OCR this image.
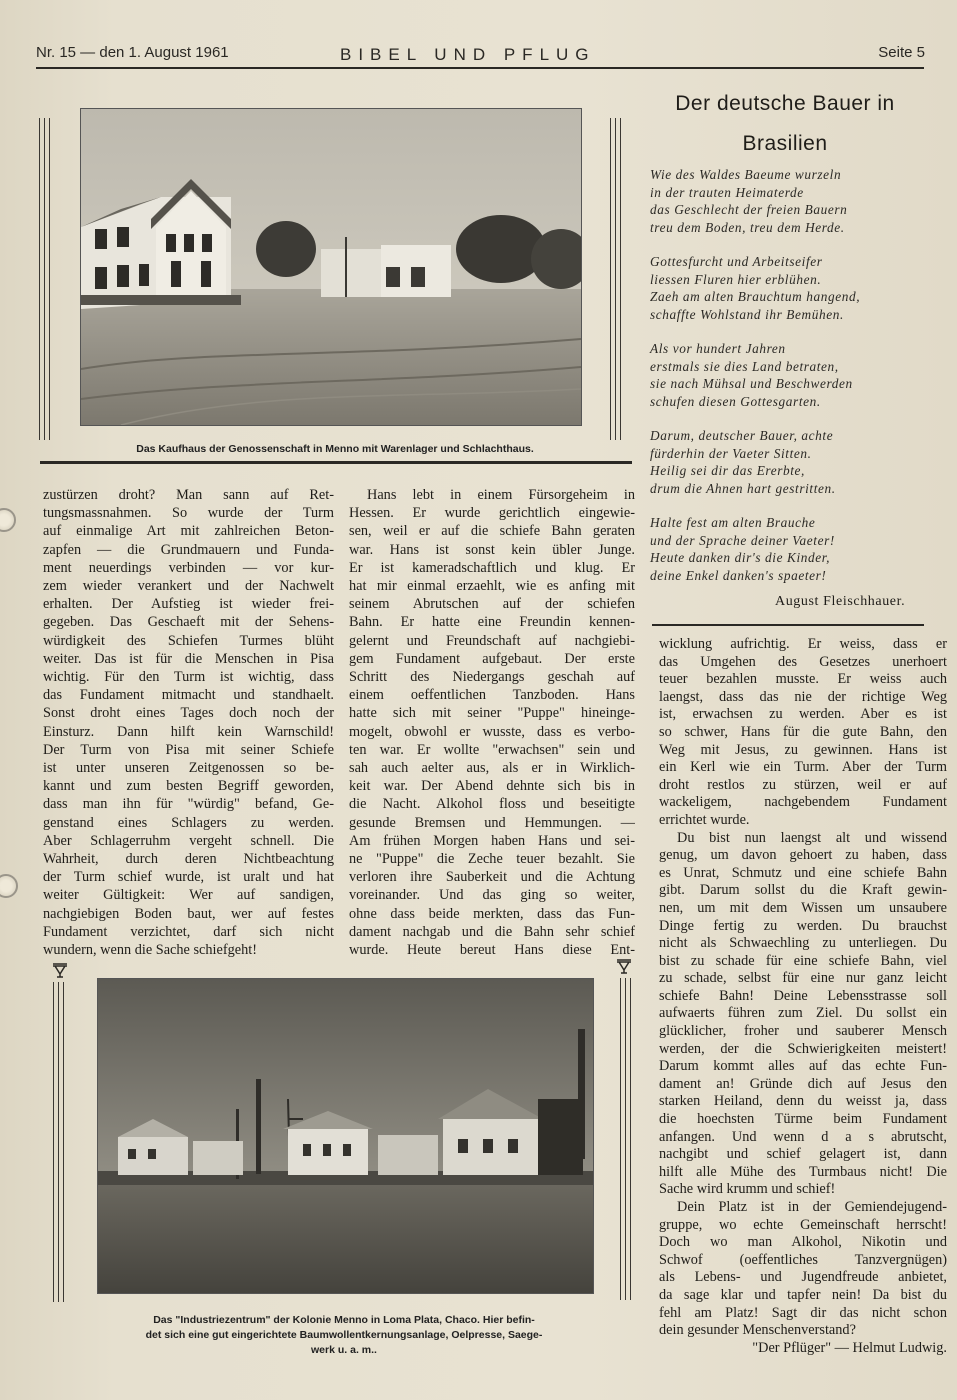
Nr. 15 — den 1. August 1961	BIBEL UND PFLUG	Seite 5
Das Kaufhaus der Genossenschaft in Menno mit Warenlager und Schlachthaus.
zustürzen droht? Man sann auf Ret-
tungsmassnahmen. So wurde der Turm
auf einmalige Art mit zahlreichen Beton-
zapfen — die Grundmauern und Funda-
ment neuerdings verbinden — vor kur-
zem wieder verankert und der Nachwelt
erhalten. Der Aufstieg ist wieder frei-
gegeben. Das Geschaeft mit der Sehens-
würdigkeit des Schiefen Turmes blüht
weiter. Das ist für die Menschen in Pisa
wichtig. Für den Turm ist wichtig, dass
das Fundament mitmacht und standhaelt.
Sonst droht eines Tages doch noch der
Einsturz. Dann hilft kein Warnschild!
Der Turm von Pisa mit seiner Schiefe
ist unter unseren Zeitgenossen so be-
kannt und zum besten Begriff geworden,
dass man ihn für "würdig" befand, Ge-
genstand eines Schlagers zu werden.
Aber Schlagerruhm vergeht schnell. Die
Wahrheit, durch deren Nichtbeachtung
der Turm schief wurde, ist uralt und hat
weiter Gültigkeit: Wer auf sandigen,
nachgiebigen Boden baut, wer auf festes
Fundament verzichtet, darf sich nicht
wundern, wenn die Sache schiefgeht!
Hans lebt in einem Fürsorgeheim in
Hessen. Er wurde gerichtlich eingewie-
sen, weil er auf die schiefe Bahn geraten
war. Hans ist sonst kein übler Junge.
Er ist kameradschaftlich und klug. Er
hat mir einmal erzaehlt, wie es anfing mit
seinem Abrutschen auf der schiefen
Bahn. Er hatte eine Freundin kennen-
gelernt und Freundschaft auf nachgiebi-
gem Fundament aufgebaut. Der erste
Schritt des Niedergangs geschah auf
einem oeffentlichen Tanzboden. Hans
hatte sich mit seiner "Puppe" hineinge-
mogelt, obwohl er wusste, dass es verbo-
ten war. Er wollte "erwachsen" sein und
sah auch aelter aus, als er in Wirklich-
keit war. Der Abend dehnte sich bis in
die Nacht. Alkohol floss und beseitigte
gesunde Bremsen und Hemmungen. —
Am frühen Morgen haben Hans und sei-
ne "Puppe" die Zeche teuer bezahlt. Sie
verloren ihre Sauberkeit und die Achtung
voreinander. Und das ging so weiter,
ohne dass beide merkten, dass das Fun-
dament nachgab und die Bahn sehr schief
wurde. Heute bereut Hans diese Ent-
Der deutsche Bauer in
Brasilien
Wie des Waldes Baeume wurzeln
in der trauten Heimaterde
das Geschlecht der freien Bauern
treu dem Boden, treu dem Herde.
Gottesfurcht und Arbeitseifer
liessen Fluren hier erblühen.
Zaeh am alten Brauchtum hangend,
schaffte Wohlstand ihr Bemühen.
Als vor hundert Jahren
erstmals sie dies Land betraten,
sie nach Mühsal und Beschwerden
schufen diesen Gottesgarten.
Darum, deutscher Bauer, achte
fürderhin der Vaeter Sitten.
Heilig sei dir das Ererbte,
drum die Ahnen hart gestritten.
Halte fest am alten Brauche
und der Sprache deiner Vaeter!
Heute danken dir's die Kinder,
deine Enkel danken's spaeter!
August Fleischhauer.
wicklung aufrichtig. Er weiss, dass er
das Umgehen des Gesetzes unerhoert
teuer bezahlen musste. Er weiss auch
laengst, dass das nie der richtige Weg
ist, erwachsen zu werden. Aber es ist
so schwer, Hans für die gute Bahn, den
Weg mit Jesus, zu gewinnen. Hans ist
ein Kerl wie ein Turm. Aber der Turm
droht restlos zu stürzen, weil er auf
wackeligem, nachgebendem Fundament
errichtet wurde.
Du bist nun laengst alt und wissend
genug, um davon gehoert zu haben, dass
es Unrat, Schmutz und eine schiefe Bahn
gibt. Darum sollst du die Kraft gewin-
nen, um mit dem Wissen um unsaubere
Dinge fertig zu werden. Du brauchst
nicht als Schwaechling zu unterliegen. Du
bist zu schade für eine schiefe Bahn, viel
zu schade, selbst für eine nur ganz leicht
schiefe Bahn! Deine Lebensstrasse soll
aufwaerts führen zum Ziel. Du sollst ein
glücklicher, froher und sauberer Mensch
werden, der die Schwierigkeiten meistert!
Darum kommt alles auf das echte Fun-
dament an! Gründe dich auf Jesus den
starken Heiland, denn du weisst ja, dass
die hoechsten Türme beim Fundament
anfangen. Und wenn d a s abrutscht,
nachgibt und schief gelagert ist, dann
hilft alle Mühe des Turmbaus nicht! Die
Sache wird krumm und schief!
Dein Platz ist in der Gemiendejugend-
gruppe, wo echte Gemeinschaft herrscht!
Doch wo man Alkohol, Nikotin und
Schwof (oeffentliches Tanzvergnügen)
als Lebens- und Jugendfreude anbietet,
da sage klar und tapfer nein! Da bist du
fehl am Platz! Sagt dir das nicht schon
dein gesunder Menschenverstand?
"Der Pflüger" — Helmut Ludwig.
Das "Industriezentrum" der Kolonie Menno in Loma Plata, Chaco. Hier befin-
det sich eine gut eingerichtete Baumwollentkernungsanlage, Oelpresse, Saege-
werk u. a. m..
